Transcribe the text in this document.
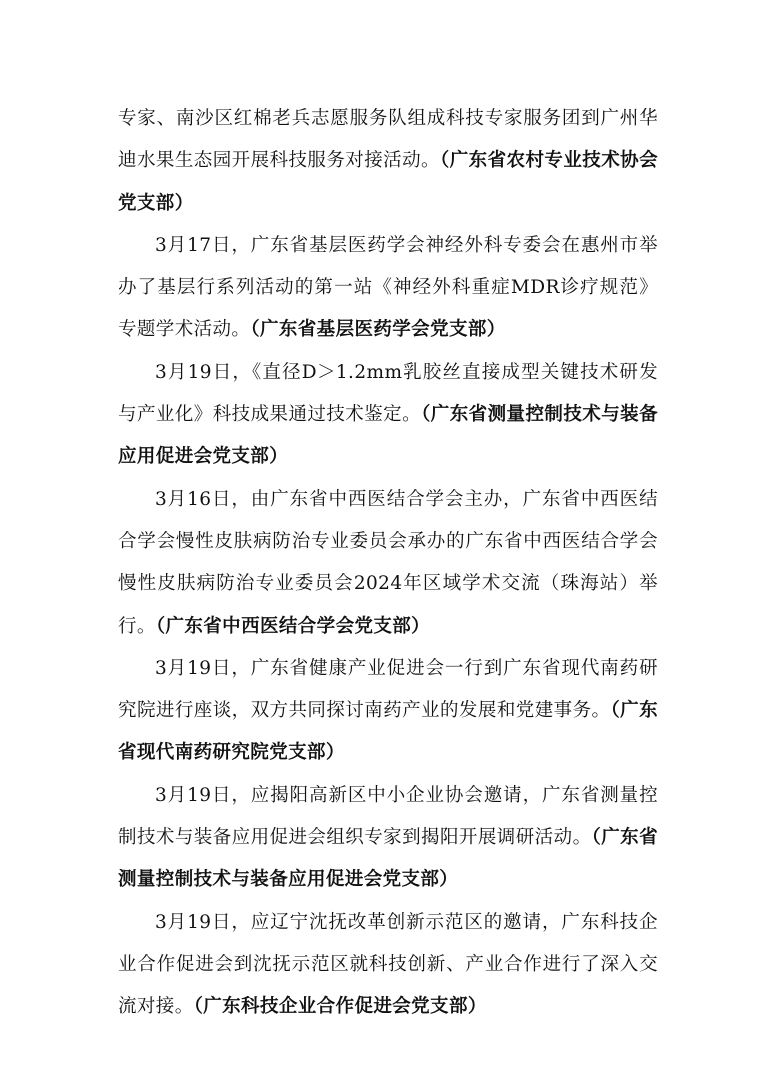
专家、南沙区红棉老兵志愿服务队组成科技专家服务团到广州华迪水果生态园开展科技服务对接活动。（广东省农村专业技术协会党支部）

3月17日，广东省基层医药学会神经外科专委会在惠州市举办了基层行系列活动的第一站《神经外科重症MDR诊疗规范》专题学术活动。（广东省基层医药学会党支部）

3月19日，《直径D＞1.2mm乳胶丝直接成型关键技术研发与产业化》科技成果通过技术鉴定。（广东省测量控制技术与装备应用促进会党支部）

3月16日，由广东省中西医结合学会主办，广东省中西医结合学会慢性皮肤病防治专业委员会承办的广东省中西医结合学会慢性皮肤病防治专业委员会2024年区域学术交流（珠海站）举行。（广东省中西医结合学会党支部）

3月19日，广东省健康产业促进会一行到广东省现代南药研究院进行座谈，双方共同探讨南药产业的发展和党建事务。（广东省现代南药研究院党支部）

3月19日，应揭阳高新区中小企业协会邀请，广东省测量控制技术与装备应用促进会组织专家到揭阳开展调研活动。（广东省测量控制技术与装备应用促进会党支部）

3月19日，应辽宁沈抚改革创新示范区的邀请，广东科技企业合作促进会到沈抚示范区就科技创新、产业合作进行了深入交流对接。（广东科技企业合作促进会党支部）
